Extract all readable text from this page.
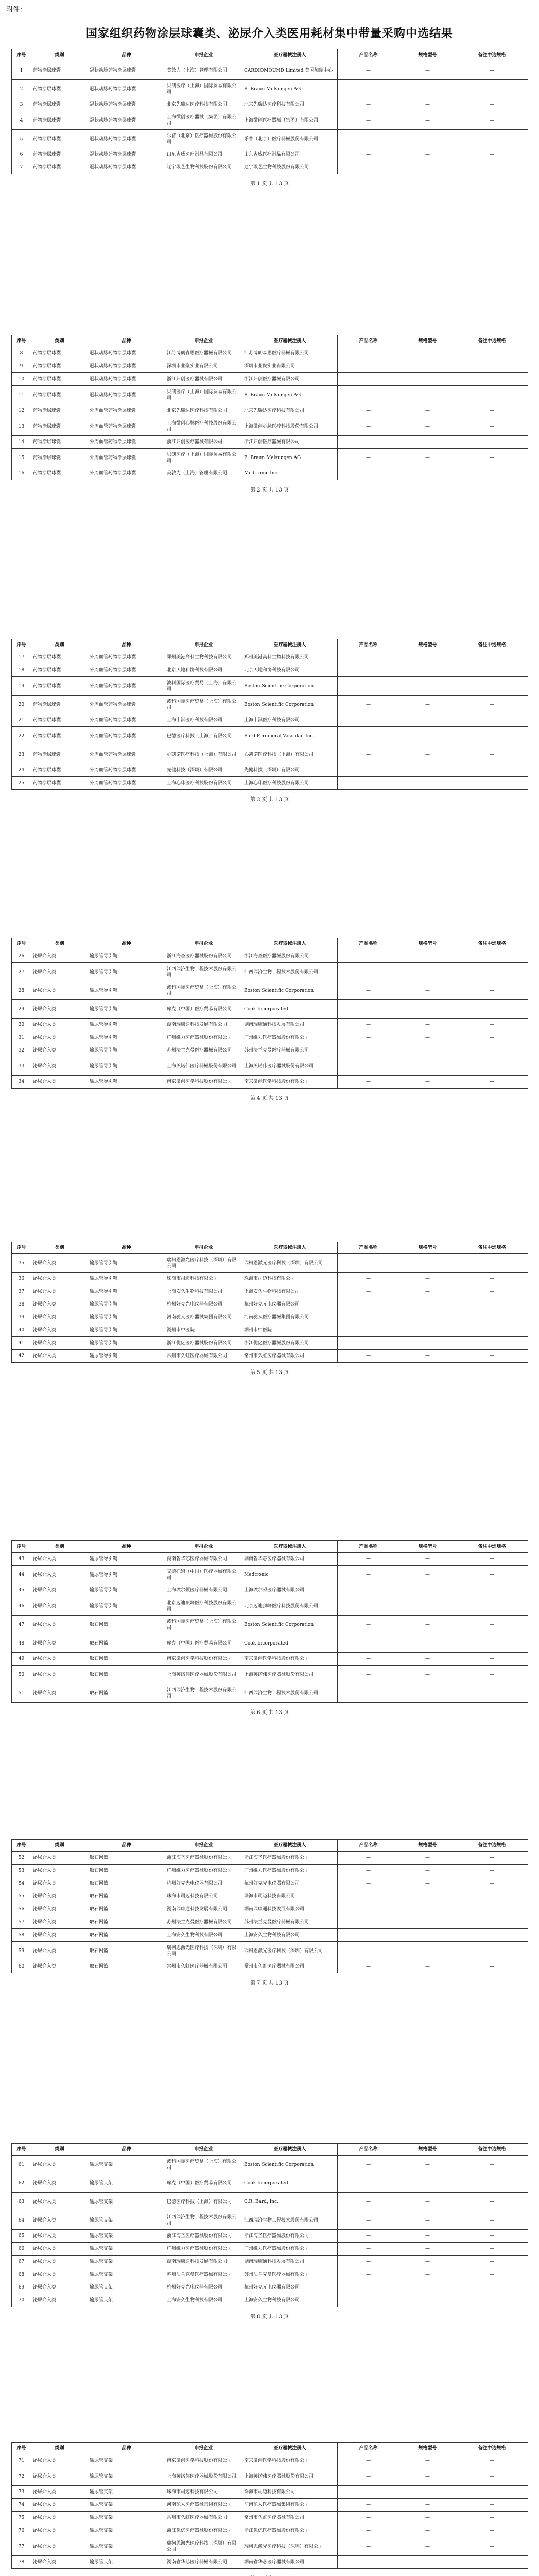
附件：
国家组织药物涂层球囊类、泌尿介入类医用耗材集中带量采购中选结果
序号	类别	品种	申报企业	医疗器械注册人	产品名称	规格型号	备注中选规格
1	药物涂层球囊	冠状动脉药物涂层球囊	美敦力（上海）管理有限公司	CARDIOMOUND Limited 美国加瑞中心	—	—	—
2	药物涂层球囊	冠状动脉药物涂层球囊	贝朗医疗（上海）国际贸易有限公司	B. Braun Melsungen AG	—	—	—
3	药物涂层球囊	冠状动脉药物涂层球囊	北京先瑞达医疗科技有限公司	北京先瑞达医疗科技有限公司	—	—	—
4	药物涂层球囊	冠状动脉药物涂层球囊	上海微创医疗器械（集团）有限公司	上海微创医疗器械（集团）有限公司	—	—	—
5	药物涂层球囊	冠状动脉药物涂层球囊	乐普（北京）医疗器械股份有限公司	乐普（北京）医疗器械股份有限公司	—	—	—
6	药物涂层球囊	冠状动脉药物涂层球囊	山东吉威医疗制品有限公司	山东吉威医疗制品有限公司	—	—	—
7	药物涂层球囊	冠状动脉药物涂层球囊	辽宁垠艺生物科技股份有限公司	辽宁垠艺生物科技股份有限公司	—	—	—
第 1 页 共 13 页
序号	类别	品种	申报企业	医疗器械注册人	产品名称	规格型号	备注中选规格
8	药物涂层球囊	冠状动脉药物涂层球囊	江苏博朗森思医疗器械有限公司	江苏博朗森思医疗器械有限公司	—	—	—
9	药物涂层球囊	冠状动脉药物涂层球囊	深圳市业聚实业有限公司	深圳市业聚实业有限公司	—	—	—
10	药物涂层球囊	冠状动脉药物涂层球囊	浙江归创医疗器械有限公司	浙江归创医疗器械有限公司	—	—	—
11	药物涂层球囊	冠状动脉药物涂层球囊	贝朗医疗（上海）国际贸易有限公司	B. Braun Melsungen AG	—	—	—
12	药物涂层球囊	外周血管药物涂层球囊	北京先瑞达医疗科技有限公司	北京先瑞达医疗科技有限公司	—	—	—
13	药物涂层球囊	外周血管药物涂层球囊	上海微创心脉医疗科技股份有限公司	上海微创心脉医疗科技股份有限公司	—	—	—
14	药物涂层球囊	外周血管药物涂层球囊	浙江归创医疗器械有限公司	浙江归创医疗器械有限公司	—	—	—
15	药物涂层球囊	外周血管药物涂层球囊	贝朗医疗（上海）国际贸易有限公司	B. Braun Melsungen AG	—	—	—
16	药物涂层球囊	外周血管药物涂层球囊	美敦力（上海）管理有限公司	Medtronic Inc.	—	—	—
第 2 页 共 13 页
序号	类别	品种	申报企业	医疗器械注册人	产品名称	规格型号	备注中选规格
17	药物涂层球囊	外周血管药物涂层球囊	郑州美港高科生物科技有限公司	郑州美港高科生物科技有限公司	—	—	—
18	药物涂层球囊	外周血管药物涂层球囊	北京天地和协科技有限公司	北京天地和协科技有限公司	—	—	—
19	药物涂层球囊	外周血管药物涂层球囊	波科国际医疗贸易（上海）有限公司	Boston Scientific Corporation	—	—	—
20	药物涂层球囊	外周血管药物涂层球囊	波科国际医疗贸易（上海）有限公司	Boston Scientific Corporation	—	—	—
21	药物涂层球囊	外周血管药物涂层球囊	上海申淇医疗科技有限公司	上海申淇医疗科技有限公司	—	—	—
22	药物涂层球囊	外周血管药物涂层球囊	巴德医疗科技（上海）有限公司	Bard Peripheral Vascular, Inc.	—	—	—
23	药物涂层球囊	外周血管药物涂层球囊	心凯诺医疗科技（上海）有限公司	心凯诺医疗科技（上海）有限公司	—	—	—
24	药物涂层球囊	外周血管药物涂层球囊	先健科技（深圳）有限公司	先健科技（深圳）有限公司	—	—	—
25	药物涂层球囊	外周血管药物涂层球囊	上海心玮医疗科技股份有限公司	上海心玮医疗科技股份有限公司	—	—	—
第 3 页 共 13 页
序号	类别	品种	申报企业	医疗器械注册人	产品名称	规格型号	备注中选规格
26	泌尿介入类	输尿管导引鞘	浙江海圣医疗器械股份有限公司	浙江海圣医疗器械股份有限公司	—	—	—
27	泌尿介入类	输尿管导引鞘	江西瑞济生物工程技术股份有限公司	江西瑞济生物工程技术股份有限公司	—	—	—
28	泌尿介入类	输尿管导引鞘	波科国际医疗贸易（上海）有限公司	Boston Scientific Corporation	—	—	—
29	泌尿介入类	输尿管导引鞘	库克（中国）医疗贸易有限公司	Cook Incorporated	—	—	—
30	泌尿介入类	输尿管导引鞘	湖南瑞康通科技发展有限公司	湖南瑞康通科技发展有限公司	—	—	—
31	泌尿介入类	输尿管导引鞘	广州维力医疗器械股份有限公司	广州维力医疗器械股份有限公司	—	—	—
32	泌尿介入类	输尿管导引鞘	苏州法兰克曼医疗器械有限公司	苏州法兰克曼医疗器械有限公司	—	—	—
33	泌尿介入类	输尿管导引鞘	上海英诺伟医疗器械股份有限公司	上海英诺伟医疗器械股份有限公司	—	—	—
34	泌尿介入类	输尿管导引鞘	南京微创医学科技股份有限公司	南京微创医学科技股份有限公司	—	—	—
第 4 页 共 13 页
序号	类别	品种	申报企业	医疗器械注册人	产品名称	规格型号	备注中选规格
35	泌尿介入类	输尿管导引鞘	瑞柯恩激光医疗科技（深圳）有限公司	瑞柯恩激光医疗科技（深圳）有限公司	—	—	—
36	泌尿介入类	输尿管导引鞘	珠海市司迈科技有限公司	珠海市司迈科技有限公司	—	—	—
37	泌尿介入类	输尿管导引鞘	上海安久生物科技有限公司	上海安久生物科技有限公司	—	—	—
38	泌尿介入类	输尿管导引鞘	杭州好克光电仪器有限公司	杭州好克光电仪器有限公司	—	—	—
39	泌尿介入类	输尿管导引鞘	河南驼人医疗器械集团有限公司	河南驼人医疗器械集团有限公司	—	—	—
40	泌尿介入类	输尿管导引鞘	湖州市中医院	湖州市中医院	—	—	—
41	泌尿介入类	输尿管导引鞘	浙江优亿医疗器械股份有限公司	浙江优亿医疗器械股份有限公司	—	—	—
42	泌尿介入类	输尿管导引鞘	常州市久虹医疗器械有限公司	常州市久虹医疗器械有限公司	—	—	—
第 5 页 共 13 页
序号	类别	品种	申报企业	医疗器械注册人	产品名称	规格型号	备注中选规格
43	泌尿介入类	输尿管导引鞘	湖南省华芯医疗器械有限公司	湖南省华芯医疗器械有限公司	—	—	—
44	泌尿介入类	输尿管导引鞘	麦德托姆（中国）医疗器械有限公司	Medtronic	—	—	—
45	泌尿介入类	输尿管导引鞘	上海埃尔顿医疗器械有限公司	上海埃尔顿医疗器械有限公司	—	—	—
46	泌尿介入类	输尿管导引鞘	北京迈迪顶峰医疗科技股份有限公司	北京迈迪顶峰医疗科技股份有限公司	—	—	—
47	泌尿介入类	取石网篮	波科国际医疗贸易（上海）有限公司	Boston Scientific Corporation	—	—	—
48	泌尿介入类	取石网篮	库克（中国）医疗贸易有限公司	Cook Incorporated	—	—	—
49	泌尿介入类	取石网篮	南京微创医学科技股份有限公司	南京微创医学科技股份有限公司	—	—	—
50	泌尿介入类	取石网篮	上海英诺伟医疗器械股份有限公司	上海英诺伟医疗器械股份有限公司	—	—	—
51	泌尿介入类	取石网篮	江西瑞济生物工程技术股份有限公司	江西瑞济生物工程技术股份有限公司	—	—	—
第 6 页 共 13 页
序号	类别	品种	申报企业	医疗器械注册人	产品名称	规格型号	备注中选规格
52	泌尿介入类	取石网篮	浙江海圣医疗器械股份有限公司	浙江海圣医疗器械股份有限公司	—	—	—
53	泌尿介入类	取石网篮	广州维力医疗器械股份有限公司	广州维力医疗器械股份有限公司	—	—	—
54	泌尿介入类	取石网篮	杭州好克光电仪器有限公司	杭州好克光电仪器有限公司	—	—	—
55	泌尿介入类	取石网篮	珠海市司迈科技有限公司	珠海市司迈科技有限公司	—	—	—
56	泌尿介入类	取石网篮	湖南瑞康通科技发展有限公司	湖南瑞康通科技发展有限公司	—	—	—
57	泌尿介入类	取石网篮	苏州法兰克曼医疗器械有限公司	苏州法兰克曼医疗器械有限公司	—	—	—
58	泌尿介入类	取石网篮	上海安久生物科技有限公司	上海安久生物科技有限公司	—	—	—
59	泌尿介入类	取石网篮	瑞柯恩激光医疗科技（深圳）有限公司	瑞柯恩激光医疗科技（深圳）有限公司	—	—	—
60	泌尿介入类	取石网篮	常州市久虹医疗器械有限公司	常州市久虹医疗器械有限公司	—	—	—
第 7 页 共 13 页
序号	类别	品种	申报企业	医疗器械注册人	产品名称	规格型号	备注中选规格
61	泌尿介入类	输尿管支架	波科国际医疗贸易（上海）有限公司	Boston Scientific Corporation	—	—	—
62	泌尿介入类	输尿管支架	库克（中国）医疗贸易有限公司	Cook Incorporated	—	—	—
63	泌尿介入类	输尿管支架	巴德医疗科技（上海）有限公司	C.R. Bard, Inc.	—	—	—
64	泌尿介入类	输尿管支架	江西瑞济生物工程技术股份有限公司	江西瑞济生物工程技术股份有限公司	—	—	—
65	泌尿介入类	输尿管支架	浙江海圣医疗器械股份有限公司	浙江海圣医疗器械股份有限公司	—	—	—
66	泌尿介入类	输尿管支架	广州维力医疗器械股份有限公司	广州维力医疗器械股份有限公司	—	—	—
67	泌尿介入类	输尿管支架	湖南瑞康通科技发展有限公司	湖南瑞康通科技发展有限公司	—	—	—
68	泌尿介入类	输尿管支架	苏州法兰克曼医疗器械有限公司	苏州法兰克曼医疗器械有限公司	—	—	—
69	泌尿介入类	输尿管支架	杭州好克光电仪器有限公司	杭州好克光电仪器有限公司	—	—	—
70	泌尿介入类	输尿管支架	上海安久生物科技有限公司	上海安久生物科技有限公司	—	—	—
第 8 页 共 13 页
序号	类别	品种	申报企业	医疗器械注册人	产品名称	规格型号	备注中选规格
71	泌尿介入类	输尿管支架	南京微创医学科技股份有限公司	南京微创医学科技股份有限公司	—	—	—
72	泌尿介入类	输尿管支架	上海英诺伟医疗器械股份有限公司	上海英诺伟医疗器械股份有限公司	—	—	—
73	泌尿介入类	输尿管支架	珠海市司迈科技有限公司	珠海市司迈科技有限公司	—	—	—
74	泌尿介入类	输尿管支架	河南驼人医疗器械集团有限公司	河南驼人医疗器械集团有限公司	—	—	—
75	泌尿介入类	输尿管支架	常州市久虹医疗器械有限公司	常州市久虹医疗器械有限公司	—	—	—
76	泌尿介入类	输尿管支架	浙江优亿医疗器械股份有限公司	浙江优亿医疗器械股份有限公司	—	—	—
77	泌尿介入类	输尿管支架	瑞柯恩激光医疗科技（深圳）有限公司	瑞柯恩激光医疗科技（深圳）有限公司	—	—	—
78	泌尿介入类	输尿管支架	湖南省华芯医疗器械有限公司	湖南省华芯医疗器械有限公司	—	—	—
